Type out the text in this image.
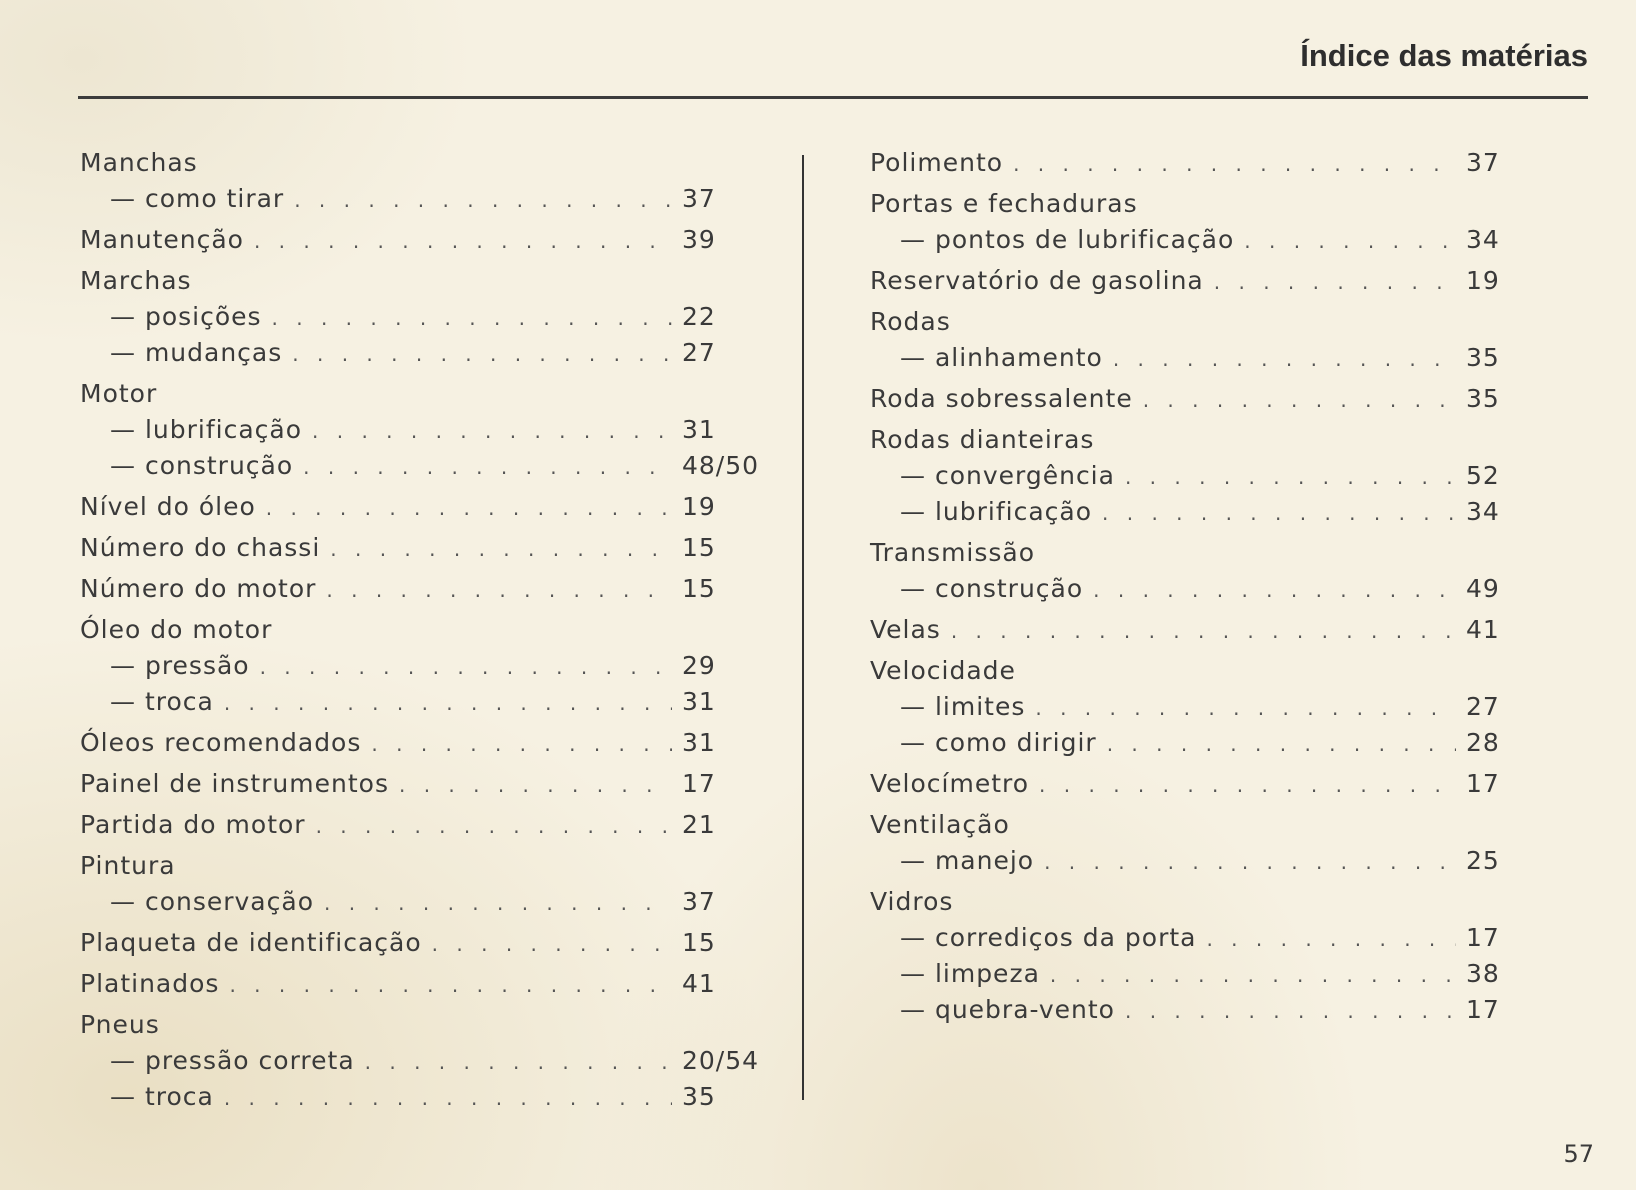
Índice das matérias
Manchas
— como tirar . . .	37
Manutenção . . .	39
Marchas
— posições . . .	22
— mudanças . . .	27
Motor
— lubrificação . . .	31
— construção . . .	48/50
Nível do óleo . . .	19
Número do chassi . . .	15
Número do motor . . .	15
Óleo do motor
— pressão . . .	29
— troca . . .	31
Óleos recomendados . . .	31
Painel de instrumentos . . .	17
Partida do motor . . .	21
Pintura
— conservação . . .	37
Plaqueta de identificação . . .	15
Platinados . . .	41
Pneus
— pressão correta . . .	20/54
— troca . . .	35
Polimento . . .	37
Portas e fechaduras
— pontos de lubrificação . . .	34
Reservatório de gasolina . . .	19
Rodas
— alinhamento . . .	35
Roda sobressalente . . .	35
Rodas dianteiras
— convergência . . .	52
— lubrificação . . .	34
Transmissão
— construção . . .	49
Velas . . .	41
Velocidade
— limites . . .	27
— como dirigir . . .	28
Velocímetro . . .	17
Ventilação
— manejo . . .	25
Vidros
— corrediços da porta . . .	17
— limpeza . . .	38
— quebra-vento . . .	17
57
